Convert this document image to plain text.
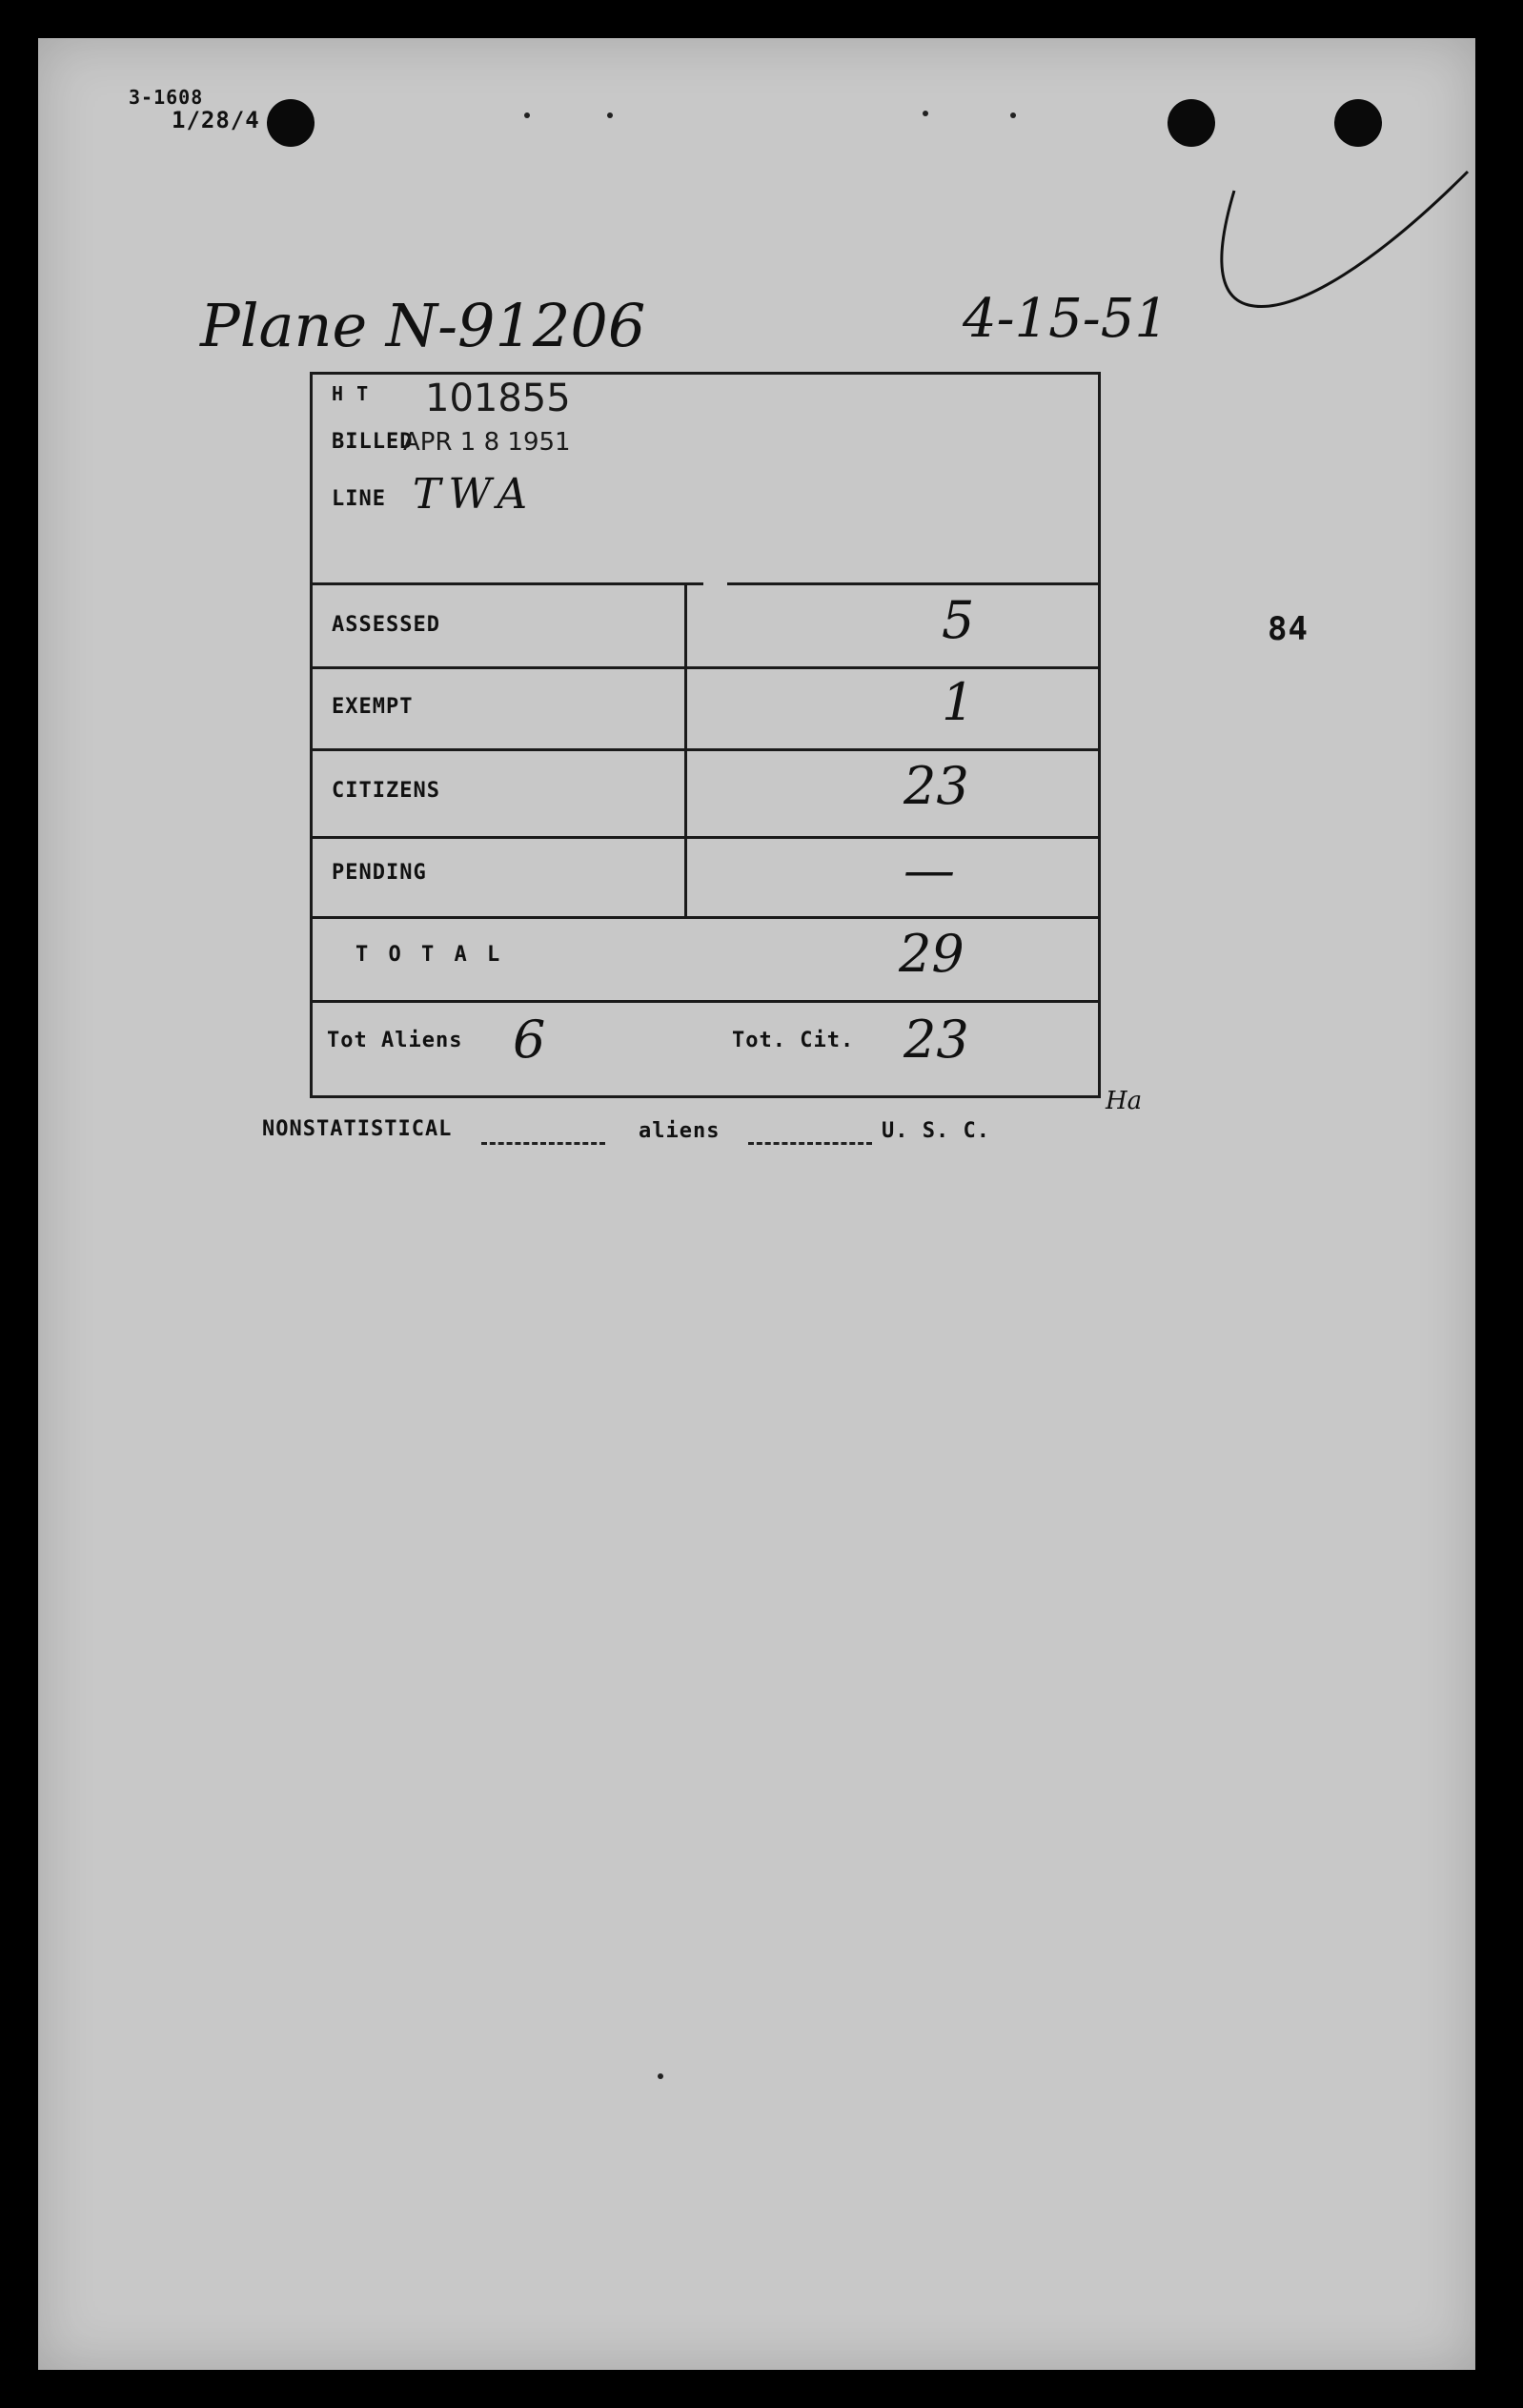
3-1608
1/28/4
Plane N-91206	4-15-51
H T 101855
BILLED
APR 1 8 1951
LINE TWA
ASSESSED	5
EXEMPT	1
CITIZENS	23
PENDING	—
T O T A L	29
Tot Aliens 6	Tot. Cit. 23
84
Ha
NONSTATISTICAL	aliens	U. S. C.
